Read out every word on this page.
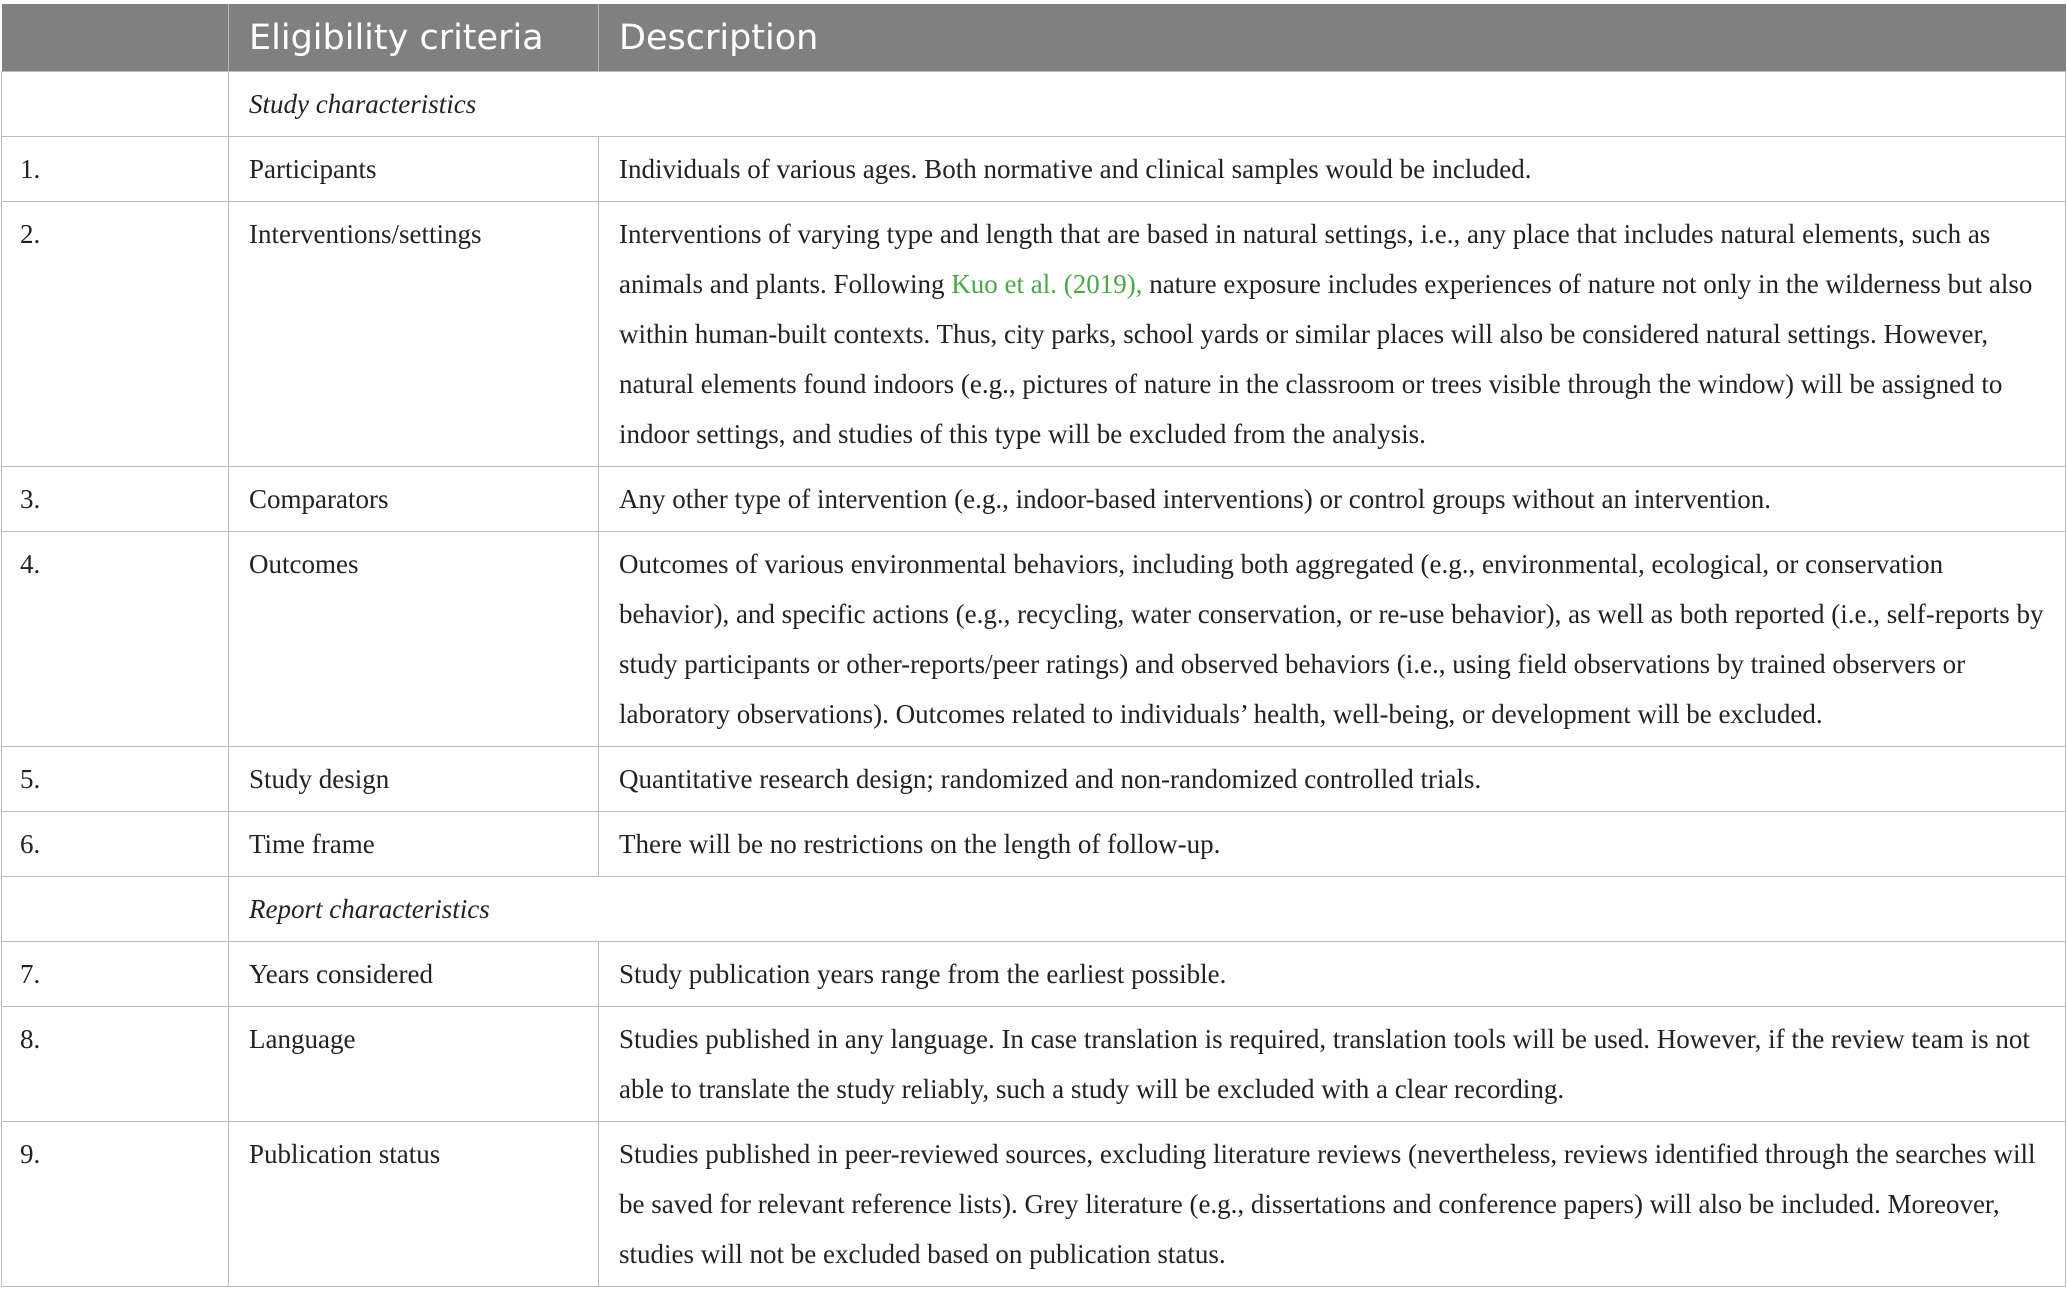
	Eligibility criteria	Description
	Study characteristics	
1.	Participants	Individuals of various ages. Both normative and clinical samples would be included.
2.	Interventions/settings	Interventions of varying type and length that are based in natural settings, i.e., any place that includes natural elements, such as animals and plants. Following Kuo et al. (2019), nature exposure includes experiences of nature not only in the wilderness but also within human-built contexts. Thus, city parks, school yards or similar places will also be considered natural settings. However, natural elements found indoors (e.g., pictures of nature in the classroom or trees visible through the window) will be assigned to indoor settings, and studies of this type will be excluded from the analysis.
3.	Comparators	Any other type of intervention (e.g., indoor-based interventions) or control groups without an intervention.
4.	Outcomes	Outcomes of various environmental behaviors, including both aggregated (e.g., environmental, ecological, or conservation behavior), and specific actions (e.g., recycling, water conservation, or re-use behavior), as well as both reported (i.e., self-reports by study participants or other-reports/peer ratings) and observed behaviors (i.e., using field observations by trained observers or laboratory observations). Outcomes related to individuals’ health, well-being, or development will be excluded.
5.	Study design	Quantitative research design; randomized and non-randomized controlled trials.
6.	Time frame	There will be no restrictions on the length of follow-up.
	Report characteristics	
7.	Years considered	Study publication years range from the earliest possible.
8.	Language	Studies published in any language. In case translation is required, translation tools will be used. However, if the review team is not able to translate the study reliably, such a study will be excluded with a clear recording.
9.	Publication status	Studies published in peer-reviewed sources, excluding literature reviews (nevertheless, reviews identified through the searches will be saved for relevant reference lists). Grey literature (e.g., dissertations and conference papers) will also be included. Moreover, studies will not be excluded based on publication status.
